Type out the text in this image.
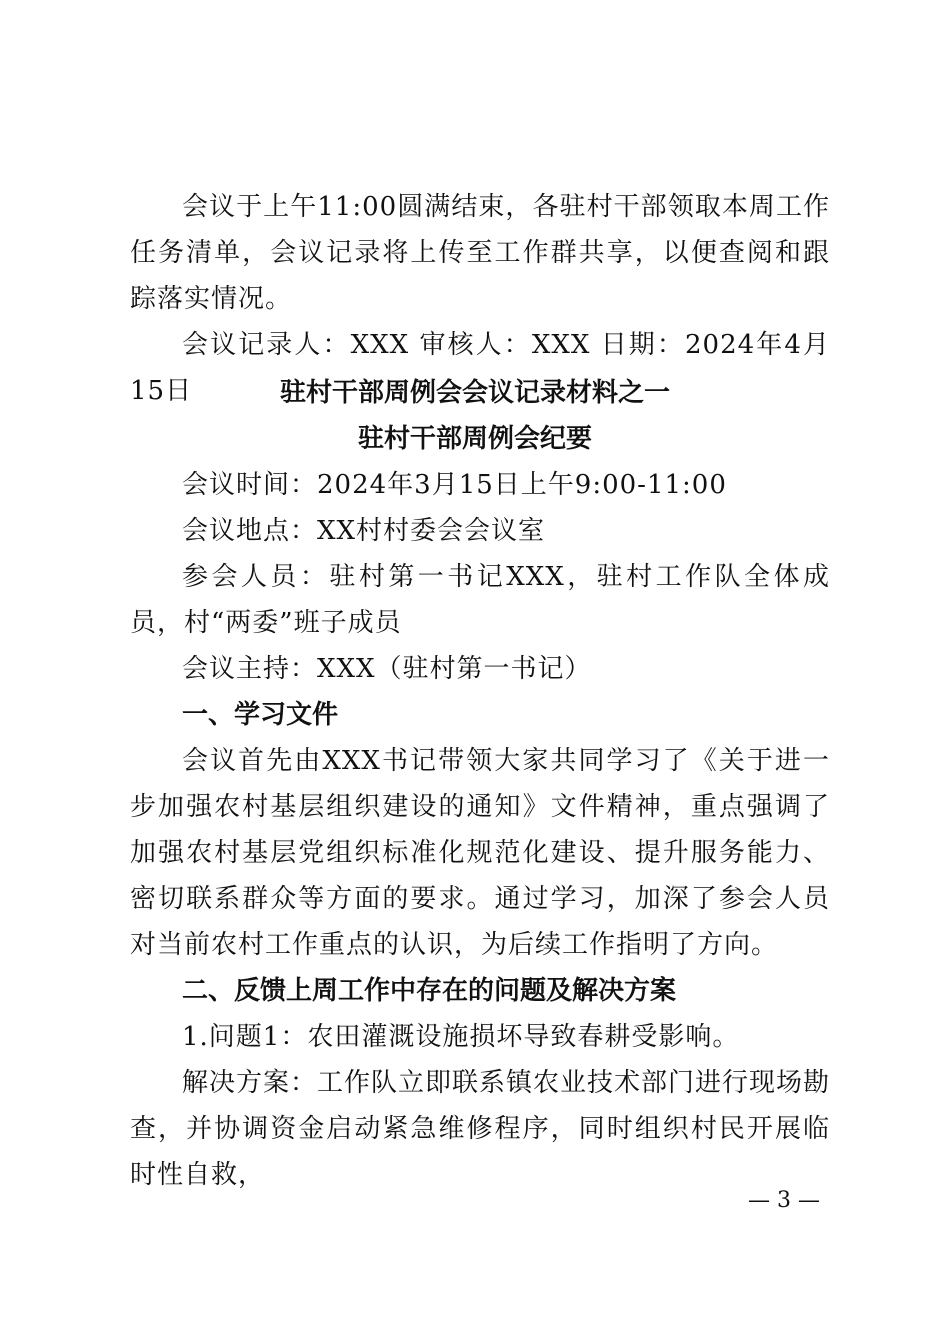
会议于上午11:00圆满结束，各驻村干部领取本周工作任务清单，会议记录将上传至工作群共享，以便查阅和跟踪落实情况。

会议记录人：XXX 审核人：XXX 日期：2024年4月15日	驻村干部周例会会议记录材料之一

驻村干部周例会纪要

会议时间：2024年3月15日上午9:00-11:00

会议地点：XX村村委会会议室

参会人员：驻村第一书记XXX，驻村工作队全体成员，村“两委”班子成员

会议主持：XXX（驻村第一书记）

一、学习文件

会议首先由XXX书记带领大家共同学习了《关于进一步加强农村基层组织建设的通知》文件精神，重点强调了加强农村基层党组织标准化规范化建设、提升服务能力、密切联系群众等方面的要求。通过学习，加深了参会人员对当前农村工作重点的认识，为后续工作指明了方向。

二、反馈上周工作中存在的问题及解决方案

1.问题1：农田灌溉设施损坏导致春耕受影响。

解决方案：工作队立即联系镇农业技术部门进行现场勘查，并协调资金启动紧急维修程序，同时组织村民开展临时性自救，

— 3 —
